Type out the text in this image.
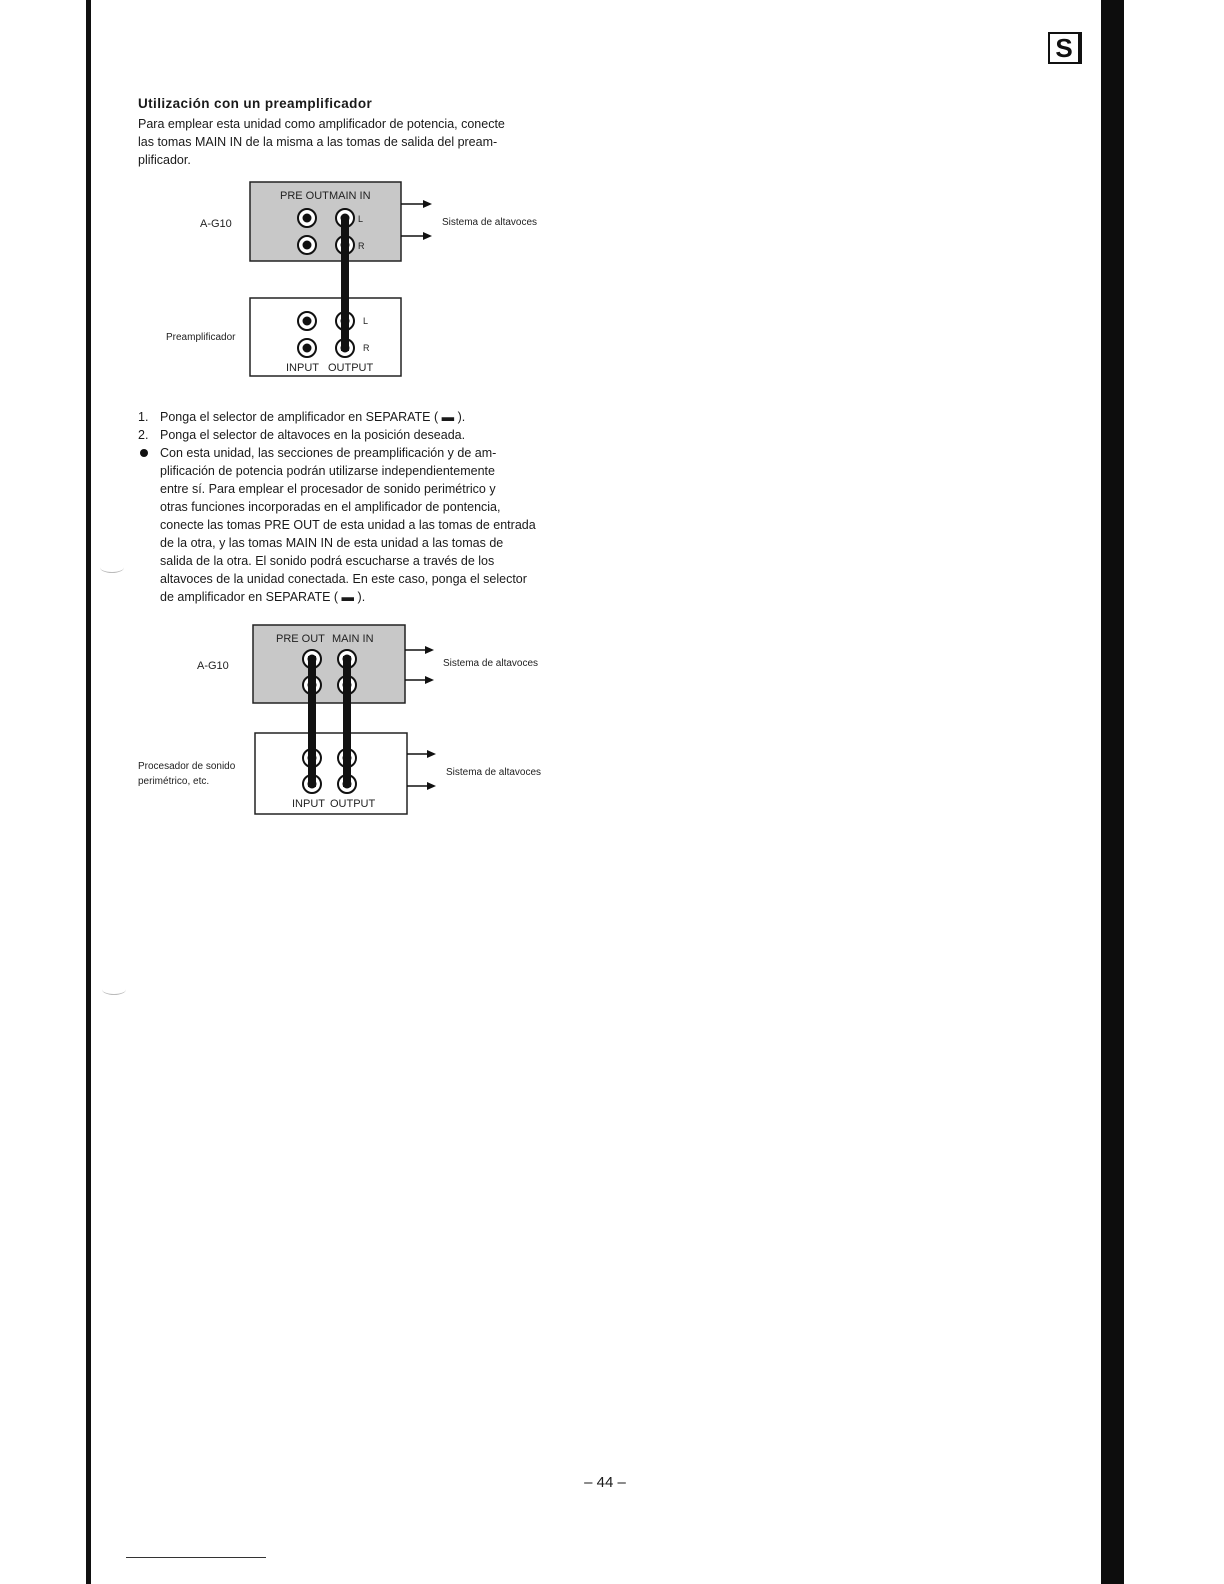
S
Utilización con un preamplificador
Para emplear esta unidad como amplificador de potencia, conecte
las tomas MAIN IN de la misma a las tomas de salida del pream-
plificador.
PRE OUT MAIN IN
A-G10	L
R
Sistema de altavoces
Preamplificador
L
R
INPUT OUTPUT
1. Ponga el selector de amplificador en SEPARATE ( ▬ ).
2. Ponga el selector de altavoces en la posición deseada.
Con esta unidad, las secciones de preamplificación y de am-
plificación de potencia podrán utilizarse independientemente
entre sí. Para emplear el procesador de sonido perimétrico y
otras funciones incorporadas en el amplificador de pontencia,
conecte las tomas PRE OUT de esta unidad a las tomas de entrada
de la otra, y las tomas MAIN IN de esta unidad a las tomas de
salida de la otra. El sonido podrá escucharse a través de los
altavoces de la unidad conectada. En este caso, ponga el selector
de amplificador en SEPARATE ( ▬ ).
PRE OUT MAIN IN
A-G10	Sistema de altavoces
Procesador de sonido
perimétrico, etc.
INPUT OUTPUT
Sistema de altavoces
– 44 –
